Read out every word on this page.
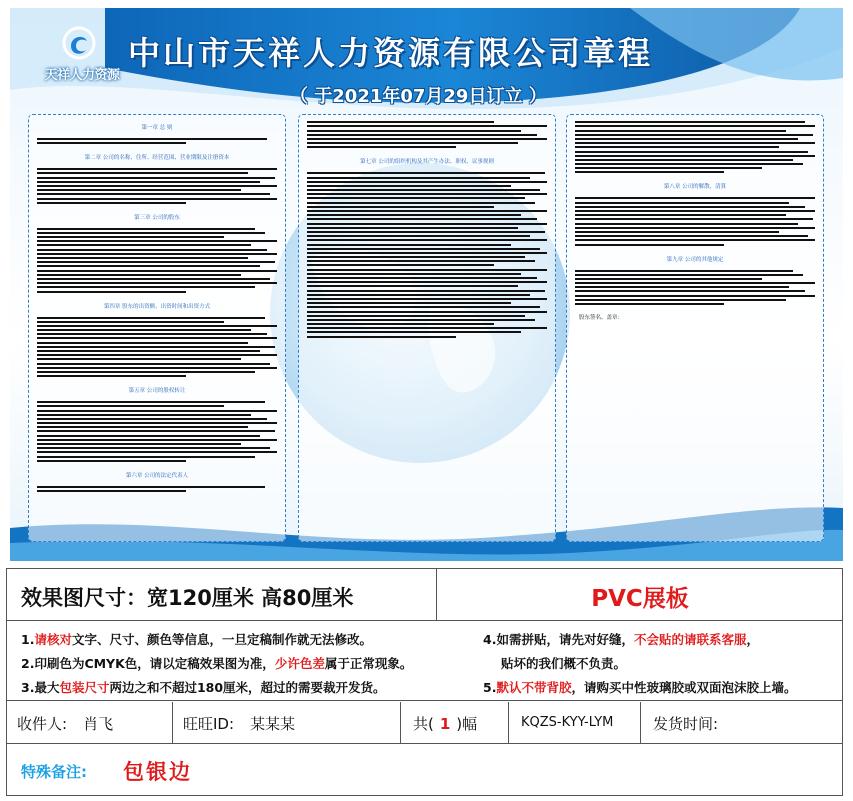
天祥人力资源
中山市天祥人力资源有限公司章程
（ 于2021年07月29日订立 ）
第一章 总 则
第二章 公司的名称、住所、经营范围、营业期限及注册资本
第三章 公司的股东
第四章 股东的出资额、出资时间和出资方式
第五章 公司的股权转让
第六章 公司的法定代表人
第七章 公司的组织机构及其产生办法、职权、议事规则
第八章 公司的解散、清算
第九章 公司的其他规定
股东签名、盖章：
效果图尺寸：宽120厘米 高80厘米	PVC展板
1.请核对文字、尺寸、颜色等信息，一旦定稿制作就无法修改。
2.印刷色为CMYK色，请以定稿效果图为准，少许色差属于正常现象。
3.最大包装尺寸两边之和不超过180厘米，超过的需要裁开发货。
4.如需拼贴，请先对好缝，不会贴的请联系客服，
贴坏的我们概不负责。
5.默认不带背胶，请购买中性玻璃胶或双面泡沫胶上墙。
收件人: 肖飞	旺旺ID: 某某某	共( 1 )幅	KQZS-KYY-LYM	发货时间:
特殊备注: 包银边
